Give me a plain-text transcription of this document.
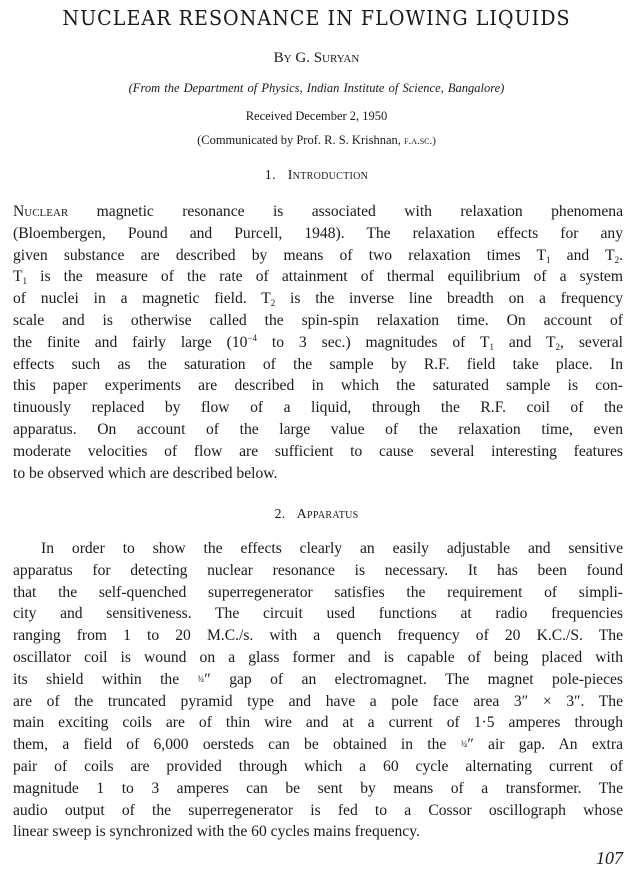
NUCLEAR RESONANCE IN FLOWING LIQUIDS
By G. Suryan
(From the Department of Physics, Indian Institute of Science, Bangalore)
Received December 2, 1950
(Communicated by Prof. R. S. Krishnan, f.a.sc.)
1. Introduction
Nuclear magnetic resonance is associated with relaxation phenomena
(Bloembergen, Pound and Purcell, 1948). The relaxation effects for any
given substance are described by means of two relaxation times $T_1$ and $T_2$.
$T_1$ is the measure of the rate of attainment of thermal equilibrium of a system
of nuclei in a magnetic field. $T_2$ is the inverse line breadth on a frequency
scale and is otherwise called the spin-spin relaxation time. On account of
the finite and fairly large ($10^{-4}$ to 3 sec.) magnitudes of $T_1$ and $T_2$, several
effects such as the saturation of the sample by R.F. field take place. In
this paper experiments are described in which the saturated sample is con-
tinuously replaced by flow of a liquid, through the R.F. coil of the
apparatus. On account of the large value of the relaxation time, even
moderate velocities of flow are sufficient to cause several interesting features
to be observed which are described below.
2. Apparatus
In order to show the effects clearly an easily adjustable and sensitive
apparatus for detecting nuclear resonance is necessary. It has been found
that the self-quenched superregenerator satisfies the requirement of simpli-
city and sensitiveness. The circuit used functions at radio frequencies
ranging from 1 to 20 M.C./s. with a quench frequency of 20 K.C./S. The
oscillator coil is wound on a glass former and is capable of being placed with
its shield within the ¾″ gap of an electromagnet. The magnet pole-pieces
are of the truncated pyramid type and have a pole face area 3″ × 3″. The
main exciting coils are of thin wire and at a current of 1·5 amperes through
them, a field of 6,000 oersteds can be obtained in the ¾″ air gap. An extra
pair of coils are provided through which a 60 cycle alternating current of
magnitude 1 to 3 amperes can be sent by means of a transformer. The
audio output of the superregenerator is fed to a Cossor oscillograph whose
linear sweep is synchronized with the 60 cycles mains frequency.
107
